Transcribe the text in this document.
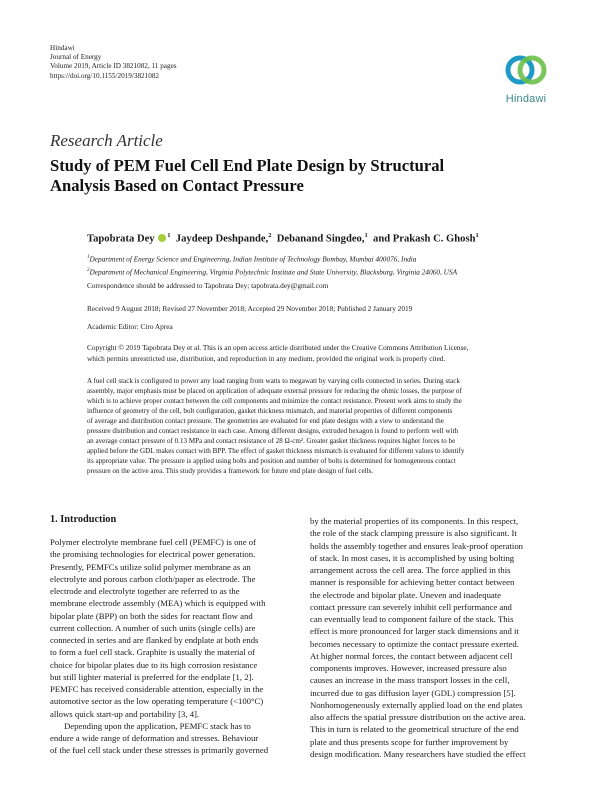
Hindawi
Journal of Energy
Volume 2019, Article ID 3821082, 11 pages
https://doi.org/10.1155/2019/3821082
Hindawi
Research Article
Study of PEM Fuel Cell End Plate Design by Structural
Analysis Based on Contact Pressure
Tapobrata Dey $^1$ Jaydeep Deshpande,$^2$ Debanand Singdeo,$^1$ and Prakash C. Ghosh$^1$
$^1$Department of Energy Science and Engineering, Indian Institute of Technology Bombay, Mumbai 400076, India
$^2$Department of Mechanical Engineering, Virginia Polytechnic Institute and State University, Blacksburg, Virginia 24060, USA
Correspondence should be addressed to Tapobrata Dey; tapobrata.dey@gmail.com
Received 9 August 2018; Revised 27 November 2018; Accepted 29 November 2018; Published 2 January 2019
Academic Editor: Ciro Aprea
Copyright © 2019 Tapobrata Dey et al. This is an open access article distributed under the Creative Commons Attribution License,
which permits unrestricted use, distribution, and reproduction in any medium, provided the original work is properly cited.
A fuel cell stack is configured to power any load ranging from watts to megawatt by varying cells connected in series. During stack
assembly, major emphasis must be placed on application of adequate external pressure for reducing the ohmic losses, the purpose of
which is to achieve proper contact between the cell components and minimize the contact resistance. Present work aims to study the
influence of geometry of the cell, bolt configuration, gasket thickness mismatch, and material properties of different components
of average and distribution contact pressure. The geometries are evaluated for end plate designs with a view to understand the
pressure distribution and contact resistance in each case. Among different designs, extruded hexagon is found to perform well with
an average contact pressure of 0.13 MPa and contact resistance of 28 Ω-cm². Greater gasket thickness requires higher forces to be
applied before the GDL makes contact with BPP. The effect of gasket thickness mismatch is evaluated for different values to identify
its appropriate value. The pressure is applied using bolts and position and number of bolts is determined for homogeneous contact
pressure on the active area. This study provides a framework for future end plate design of fuel cells.
1. Introduction
Polymer electrolyte membrane fuel cell (PEMFC) is one of
the promising technologies for electrical power generation.
Presently, PEMFCs utilize solid polymer membrane as an
electrolyte and porous carbon cloth/paper as electrode. The
electrode and electrolyte together are referred to as the
membrane electrode assembly (MEA) which is equipped with
bipolar plate (BPP) on both the sides for reactant flow and
current collection. A number of such units (single cells) are
connected in series and are flanked by endplate at both ends
to form a fuel cell stack. Graphite is usually the material of
choice for bipolar plates due to its high corrosion resistance
but still lighter material is preferred for the endplate [1, 2].
PEMFC has received considerable attention, especially in the
automotive sector as the low operating temperature (<100°C)
allows quick start-up and portability [3, 4].
Depending upon the application, PEMFC stack has to
endure a wide range of deformation and stresses. Behaviour
of the fuel cell stack under these stresses is primarily governed
by the material properties of its components. In this respect,
the role of the stack clamping pressure is also significant. It
holds the assembly together and ensures leak-proof operation
of stack. In most cases, it is accomplished by using bolting
arrangement across the cell area. The force applied in this
manner is responsible for achieving better contact between
the electrode and bipolar plate. Uneven and inadequate
contact pressure can severely inhibit cell performance and
can eventually lead to component failure of the stack. This
effect is more pronounced for larger stack dimensions and it
becomes necessary to optimize the contact pressure exerted.
At higher normal forces, the contact between adjacent cell
components improves. However, increased pressure also
causes an increase in the mass transport losses in the cell,
incurred due to gas diffusion layer (GDL) compression [5].
Nonhomogeneously externally applied load on the end plates
also affects the spatial pressure distribution on the active area.
This in turn is related to the geometrical structure of the end
plate and thus presents scope for further improvement by
design modification. Many researchers have studied the effect
